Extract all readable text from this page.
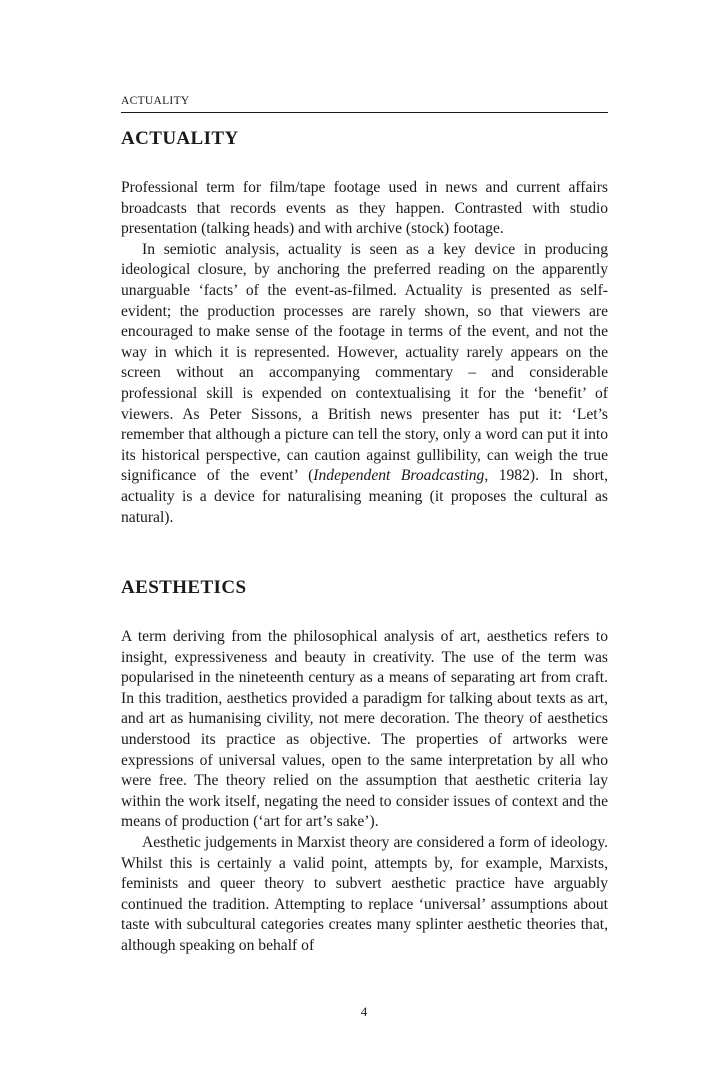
ACTUALITY
ACTUALITY

Professional term for film/tape footage used in news and current affairs broadcasts that records events as they happen. Contrasted with studio presentation (talking heads) and with archive (stock) footage.

In semiotic analysis, actuality is seen as a key device in producing ideological closure, by anchoring the preferred reading on the apparently unarguable ‘facts’ of the event-as-filmed. Actuality is presented as self-evident; the production processes are rarely shown, so that viewers are encouraged to make sense of the footage in terms of the event, and not the way in which it is represented. However, actuality rarely appears on the screen without an accompanying commentary – and considerable professional skill is expended on contextualising it for the ‘benefit’ of viewers. As Peter Sissons, a British news presenter has put it: ‘Let’s remember that although a picture can tell the story, only a word can put it into its historical perspective, can caution against gullibility, can weigh the true significance of the event’ (Independent Broadcasting, 1982). In short, actuality is a device for naturalising meaning (it proposes the cultural as natural).

AESTHETICS

A term deriving from the philosophical analysis of art, aesthetics refers to insight, expressiveness and beauty in creativity. The use of the term was popularised in the nineteenth century as a means of separating art from craft. In this tradition, aesthetics provided a paradigm for talking about texts as art, and art as humanising civility, not mere decoration. The theory of aesthetics understood its practice as objective. The properties of artworks were expressions of universal values, open to the same interpretation by all who were free. The theory relied on the assumption that aesthetic criteria lay within the work itself, negating the need to consider issues of context and the means of production (‘art for art’s sake’).

Aesthetic judgements in Marxist theory are considered a form of ideology. Whilst this is certainly a valid point, attempts by, for example, Marxists, feminists and queer theory to subvert aesthetic practice have arguably continued the tradition. Attempting to replace ‘universal’ assumptions about taste with subcultural categories creates many splinter aesthetic theories that, although speaking on behalf of

4
